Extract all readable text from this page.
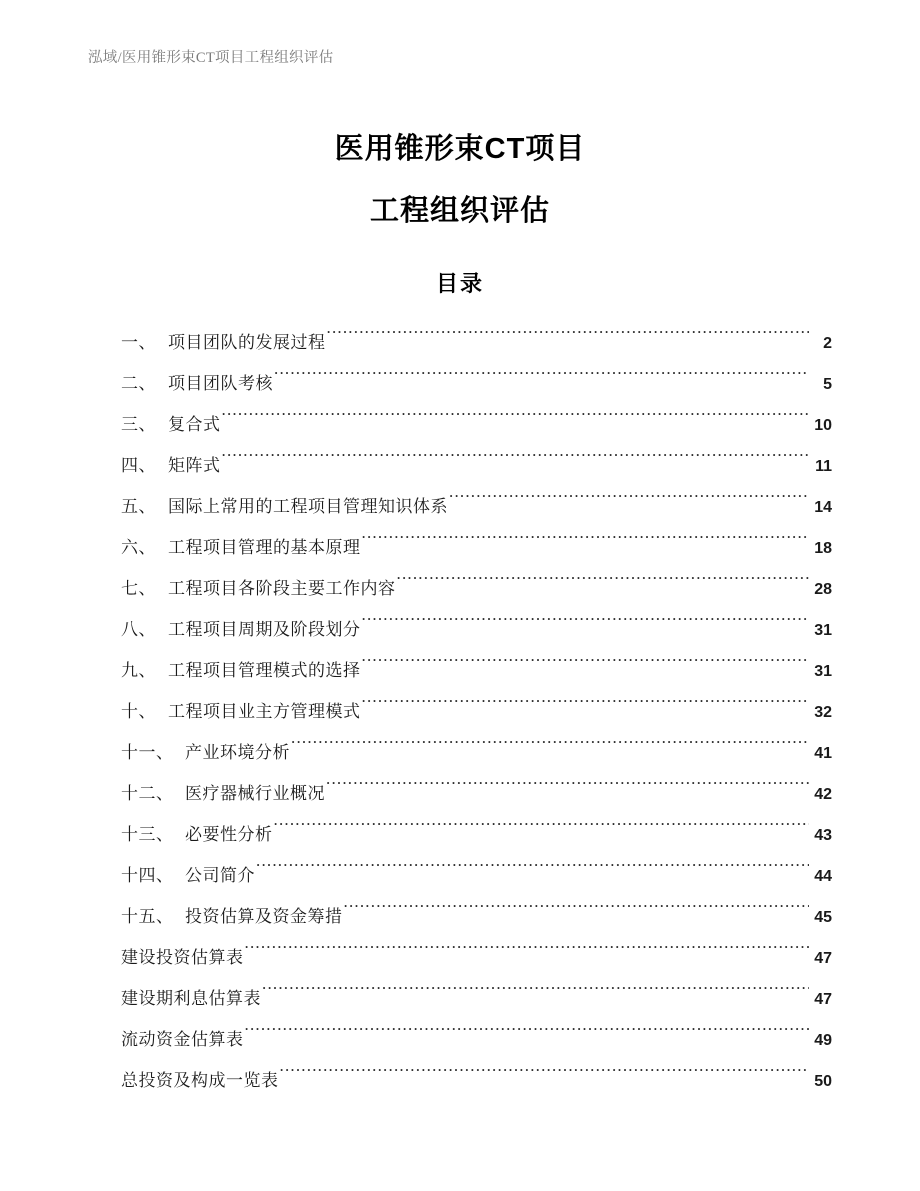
泓域/医用锥形束CT项目工程组织评估
医用锥形束CT项目
工程组织评估
目录
一、 项目团队的发展过程 .....	2
二、 项目团队考核 .....	5
三、 复合式 .....	10
四、 矩阵式 .....	11
五、 国际上常用的工程项目管理知识体系 .....	14
六、 工程项目管理的基本原理 .....	18
七、 工程项目各阶段主要工作内容 .....	28
八、 工程项目周期及阶段划分 .....	31
九、 工程项目管理模式的选择 .....	31
十、 工程项目业主方管理模式 .....	32
十一、 产业环境分析 .....	41
十二、 医疗器械行业概况 .....	42
十三、 必要性分析 .....	43
十四、 公司简介 .....	44
十五、 投资估算及资金筹措 .....	45
建设投资估算表 .....	47
建设期利息估算表 .....	47
流动资金估算表 .....	49
总投资及构成一览表 .....	50
